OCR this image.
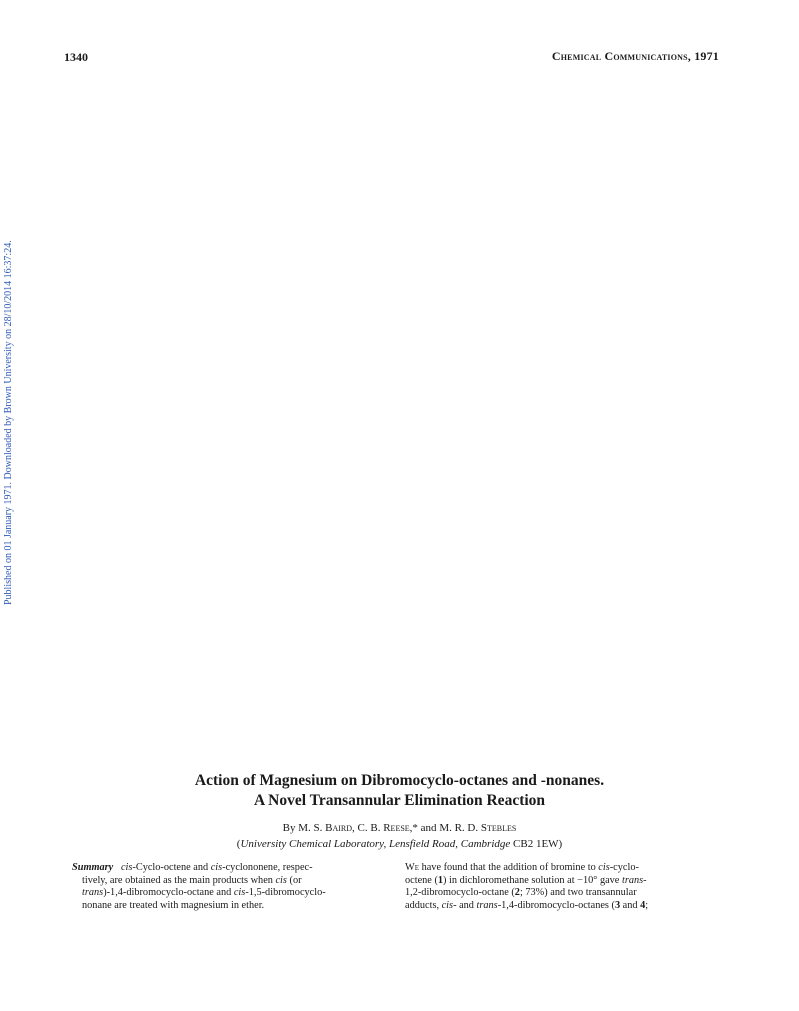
1340	Chemical Communications, 1971
Published on 01 January 1971. Downloaded by Brown University on 28/10/2014 16:37:24.
Action of Magnesium on Dibromocyclo-octanes and -nonanes.
A Novel Transannular Elimination Reaction
By M. S. Baird, C. B. Reese,* and M. R. D. Stebles
(University Chemical Laboratory, Lensfield Road, Cambridge CB2 1EW)
Summary cis-Cyclo-octene and cis-cyclononene, respec-
tively, are obtained as the main products when cis (or
trans)-1,4-dibromocyclo-octane and cis-1,5-dibromocyclo-
nonane are treated with magnesium in ether.
We have found that the addition of bromine to cis-cyclo-
octene (1) in dichloromethane solution at −10° gave trans-
1,2-dibromocyclo-octane (2; 73%) and two transannular
adducts, cis- and trans-1,4-dibromocyclo-octanes (3 and 4;
